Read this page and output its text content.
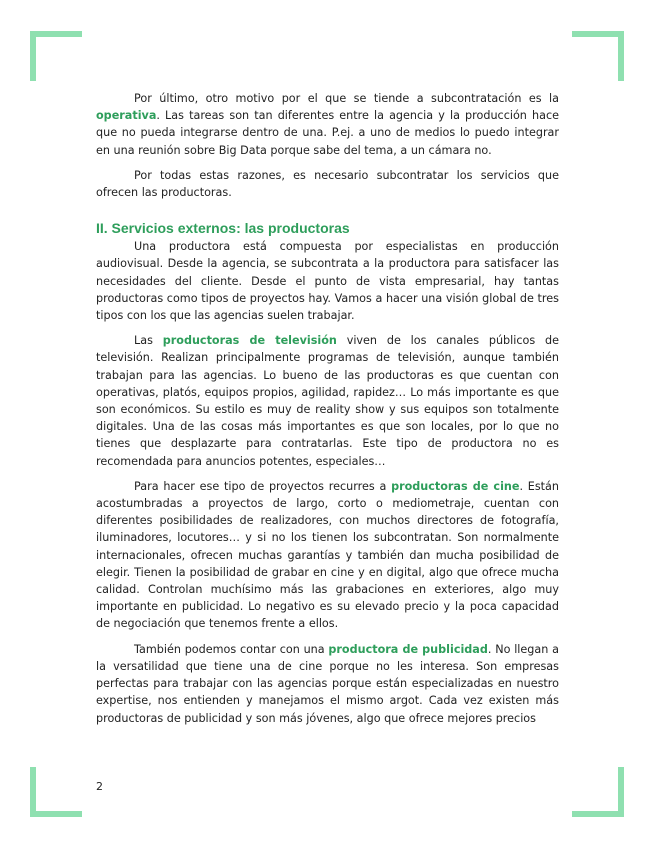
Por último, otro motivo por el que se tiende a subcontratación es la operativa. Las tareas son tan diferentes entre la agencia y la producción hace que no pueda integrarse dentro de una. P.ej. a uno de medios lo puedo integrar en una reunión sobre Big Data porque sabe del tema, a un cámara no.

Por todas estas razones, es necesario subcontratar los servicios que ofrecen las productoras.

II. Servicios externos: las productoras

Una productora está compuesta por especialistas en producción audiovisual. Desde la agencia, se subcontrata a la productora para satisfacer las necesidades del cliente. Desde el punto de vista empresarial, hay tantas productoras como tipos de proyectos hay. Vamos a hacer una visión global de tres tipos con los que las agencias suelen trabajar.

Las productoras de televisión viven de los canales públicos de televisión. Realizan principalmente programas de televisión, aunque también trabajan para las agencias. Lo bueno de las productoras es que cuentan con operativas, platós, equipos propios, agilidad, rapidez… Lo más importante es que son económicos. Su estilo es muy de reality show y sus equipos son totalmente digitales. Una de las cosas más importantes es que son locales, por lo que no tienes que desplazarte para contratarlas. Este tipo de productora no es recomendada para anuncios potentes, especiales…

Para hacer ese tipo de proyectos recurres a productoras de cine. Están acostumbradas a proyectos de largo, corto o mediometraje, cuentan con diferentes posibilidades de realizadores, con muchos directores de fotografía, iluminadores, locutores… y si no los tienen los subcontratan. Son normalmente internacionales, ofrecen muchas garantías y también dan mucha posibilidad de elegir. Tienen la posibilidad de grabar en cine y en digital, algo que ofrece mucha calidad. Controlan muchísimo más las grabaciones en exteriores, algo muy importante en publicidad. Lo negativo es su elevado precio y la poca capacidad de negociación que tenemos frente a ellos.

También podemos contar con una productora de publicidad. No llegan a la versatilidad que tiene una de cine porque no les interesa. Son empresas perfectas para trabajar con las agencias porque están especializadas en nuestro expertise, nos entienden y manejamos el mismo argot. Cada vez existen más productoras de publicidad y son más jóvenes, algo que ofrece mejores precios

2
